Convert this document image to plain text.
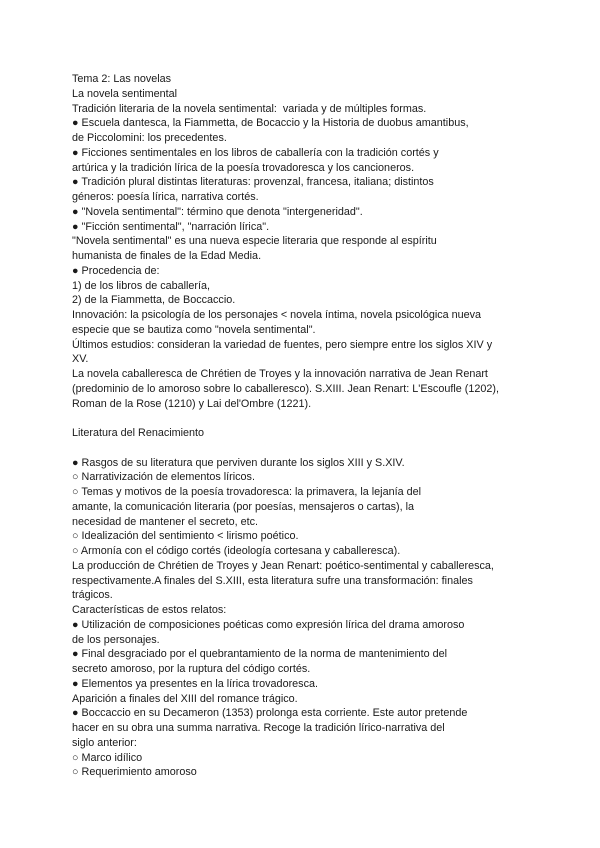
Tema 2: Las novelas
La novela sentimental
Tradición literaria de la novela sentimental:  variada y de múltiples formas.
● Escuela dantesca, la Fiammetta, de Bocaccio y la Historia de duobus amantibus,
de Piccolomini: los precedentes.
● Ficciones sentimentales en los libros de caballería con la tradición cortés y
artúrica y la tradición lírica de la poesía trovadoresca y los cancioneros.
● Tradición plural distintas literaturas: provenzal, francesa, italiana; distintos
géneros: poesía lírica, narrativa cortés.
● "Novela sentimental": término que denota "intergeneridad".
● "Ficción sentimental", "narración lírica".
"Novela sentimental" es una nueva especie literaria que responde al espíritu
humanista de finales de la Edad Media.
● Procedencia de:
1) de los libros de caballería,
2) de la Fiammetta, de Boccaccio.
Innovación: la psicología de los personajes < novela íntima, novela psicológica nueva
especie que se bautiza como "novela sentimental".
Últimos estudios: consideran la variedad de fuentes, pero siempre entre los siglos XIV y
XV.
La novela caballeresca de Chrétien de Troyes y la innovación narrativa de Jean Renart
(predominio de lo amoroso sobre lo caballeresco). S.XIII. Jean Renart: L'Escoufle (1202),
Roman de la Rose (1210) y Lai del'Ombre (1221).
Literatura del Renacimiento
● Rasgos de su literatura que perviven durante los siglos XIII y S.XIV.
○ Narrativización de elementos líricos.
○ Temas y motivos de la poesía trovadoresca: la primavera, la lejanía del
amante, la comunicación literaria (por poesías, mensajeros o cartas), la
necesidad de mantener el secreto, etc.
○ Idealización del sentimiento < lirismo poético.
○ Armonía con el código cortés (ideología cortesana y caballeresca).
La producción de Chrétien de Troyes y Jean Renart: poético-sentimental y caballeresca,
respectivamente.A finales del S.XIII, esta literatura sufre una transformación: finales
trágicos.
Características de estos relatos:
● Utilización de composiciones poéticas como expresión lírica del drama amoroso
de los personajes.
● Final desgraciado por el quebrantamiento de la norma de mantenimiento del
secreto amoroso, por la ruptura del código cortés.
● Elementos ya presentes en la lírica trovadoresca.
Aparición a finales del XIII del romance trágico.
● Boccaccio en su Decameron (1353) prolonga esta corriente. Este autor pretende
hacer en su obra una summa narrativa. Recoge la tradición lírico-narrativa del
siglo anterior:
○ Marco idílico
○ Requerimiento amoroso
